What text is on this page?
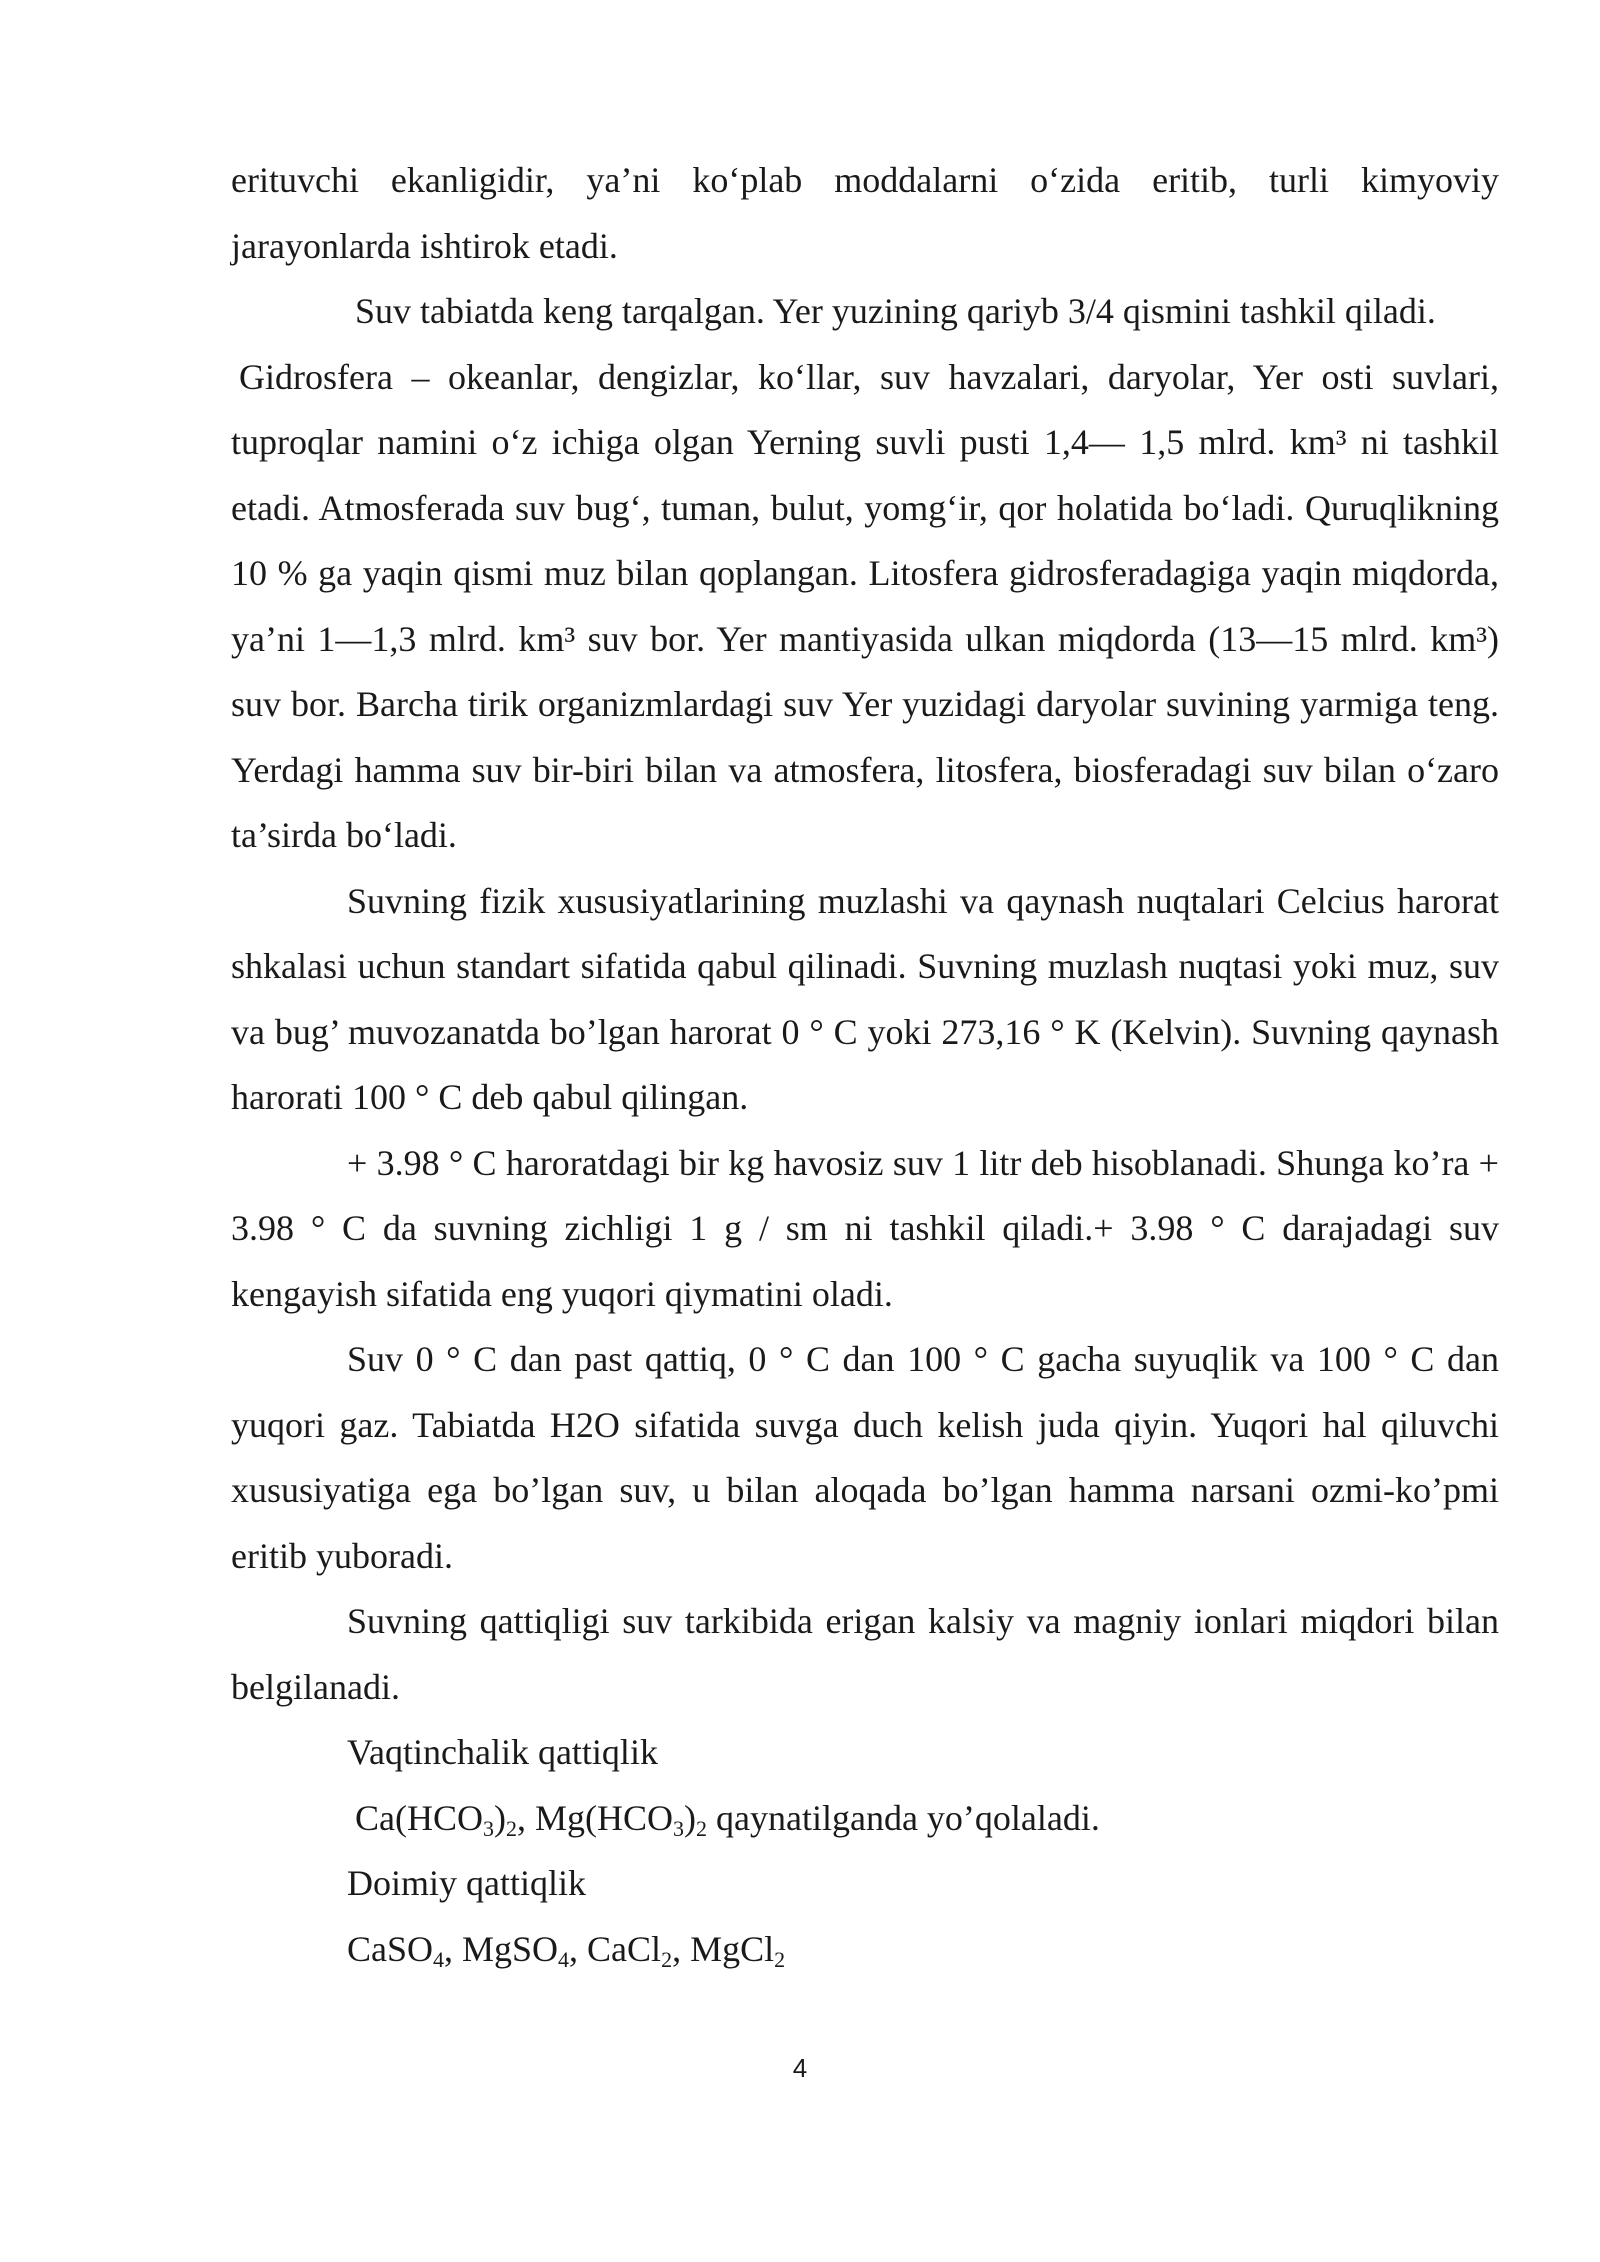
erituvchi ekanligidir, ya’ni ko‘plab moddalarni o‘zida eritib, turli kimyoviy jarayonlarda ishtirok etadi.

Suv tabiatda keng tarqalgan. Yer yuzining qariyb 3/4 qismini tashkil qiladi.

Gidrosfera – okeanlar, dengizlar, ko‘llar, suv havzalari, daryolar, Yer osti suvlari, tuproqlar namini o‘z ichiga olgan Yerning suvli pusti 1,4— 1,5 mlrd. km³ ni tashkil etadi. Atmosferada suv bug‘, tuman, bulut, yomg‘ir, qor holatida bo‘ladi. Quruqlikning 10 % ga yaqin qismi muz bilan qoplangan. Litosfera gidrosferadagiga yaqin miqdorda, ya’ni 1—1,3 mlrd. km³ suv bor. Yer mantiyasida ulkan miqdorda (13—15 mlrd. km³) suv bor. Barcha tirik organizmlardagi suv Yer yuzidagi daryolar suvining yarmiga teng. Yerdagi hamma suv bir-biri bilan va atmosfera, litosfera, biosferadagi suv bilan o‘zaro ta’sirda bo‘ladi.

Suvning fizik xususiyatlarining muzlashi va qaynash nuqtalari Celcius harorat shkalasi uchun standart sifatida qabul qilinadi. Suvning muzlash nuqtasi yoki muz, suv va bug’ muvozanatda bo’lgan harorat 0 ° C yoki 273,16 ° K (Kelvin). Suvning qaynash harorati 100 ° C deb qabul qilingan.

+ 3.98 ° C haroratdagi bir kg havosiz suv 1 litr deb hisoblanadi. Shunga ko’ra + 3.98 ° C da suvning zichligi 1 g / sm ni tashkil qiladi.+ 3.98 ° C darajadagi suv kengayish sifatida eng yuqori qiymatini oladi.

Suv 0 ° C dan past qattiq, 0 ° C dan 100 ° C gacha suyuqlik va 100 ° C dan yuqori gaz. Tabiatda H2O sifatida suvga duch kelish juda qiyin. Yuqori hal qiluvchi xususiyatiga ega bo’lgan suv, u bilan aloqada bo’lgan hamma narsani ozmi-ko’pmi eritib yuboradi.

Suvning qattiqligi suv tarkibida erigan kalsiy va magniy ionlari miqdori bilan belgilanadi.

Vaqtinchalik qattiqlik

$Ca(HCO_3)_2$, $Mg(HCO_3)_2$ qaynatilganda yo’qolaladi.

Doimiy qattiqlik

CaSO$_4$, MgSO$_4$, CaCl$_2$, MgCl$_2$

4
